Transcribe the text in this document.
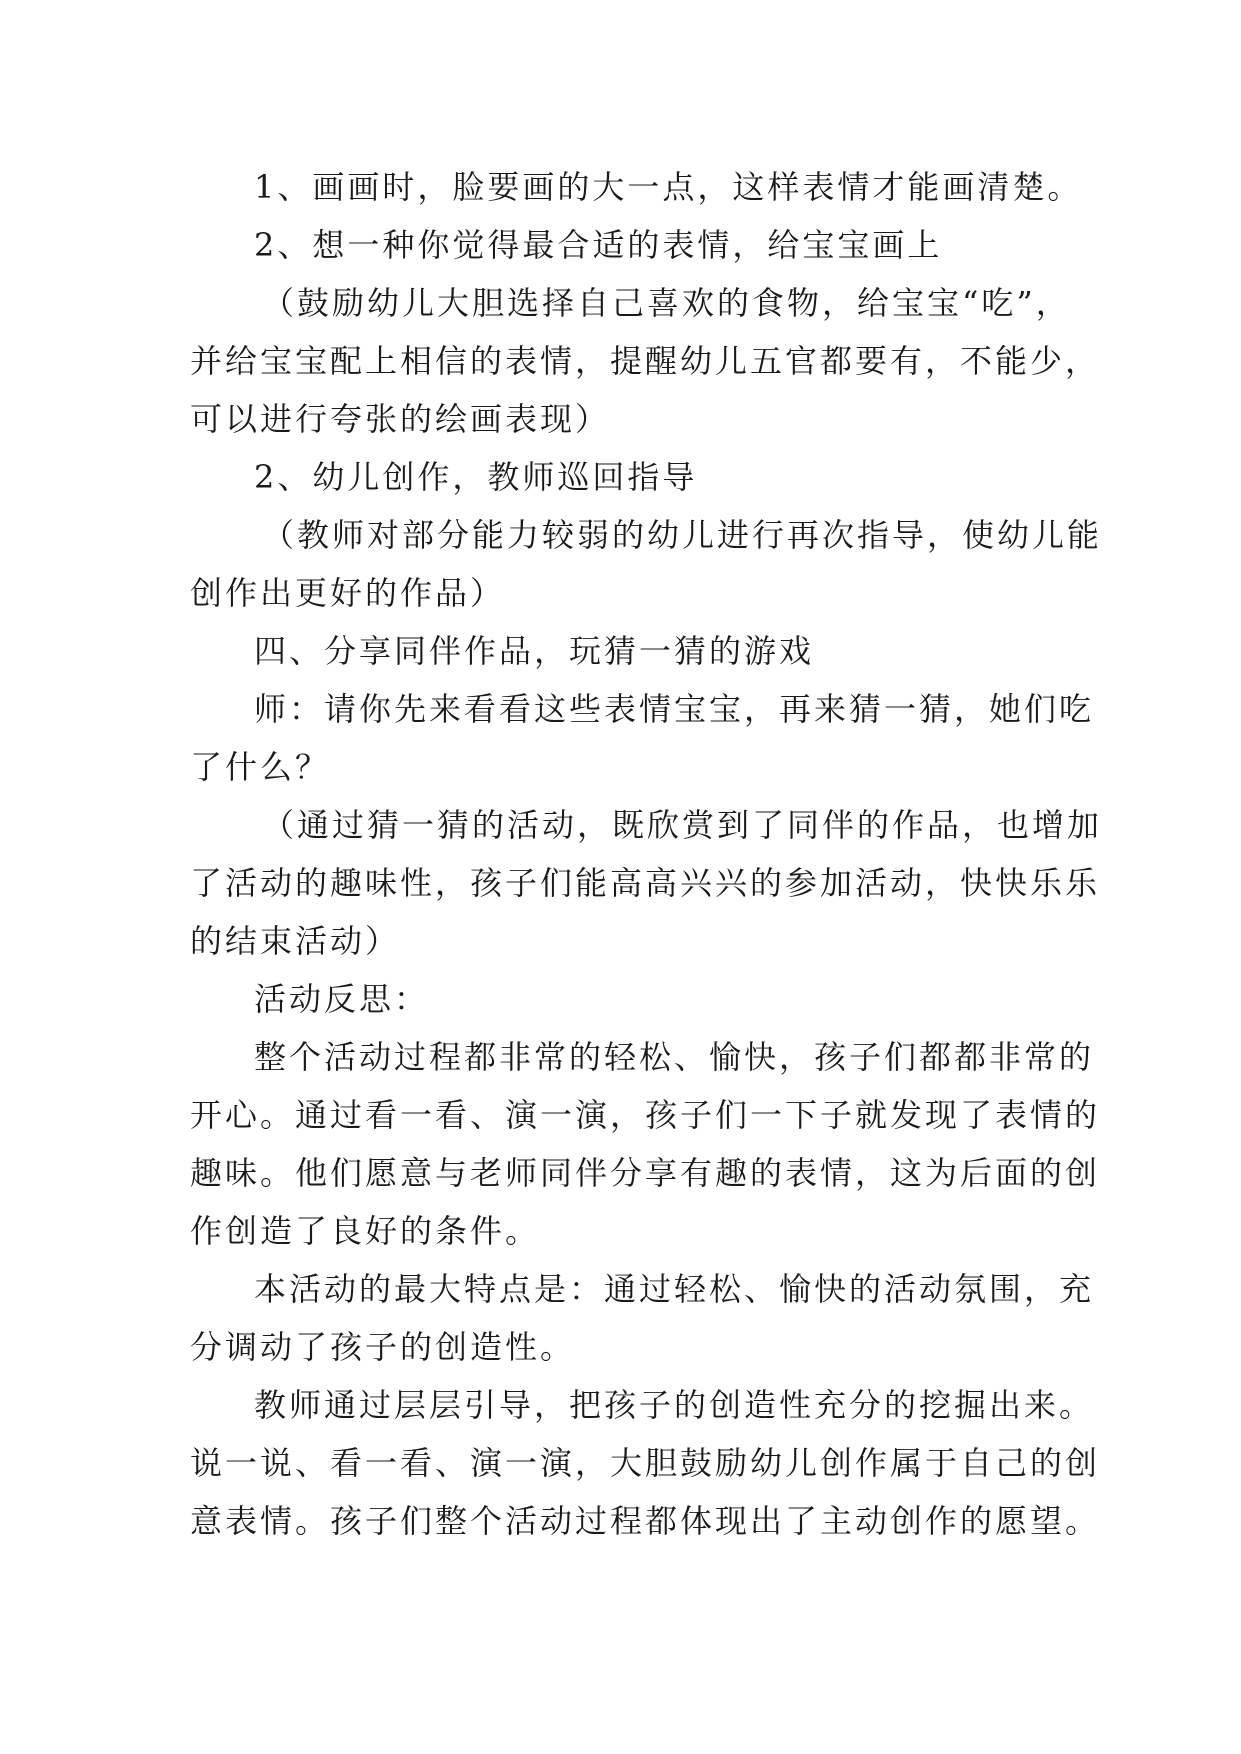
1、画画时，脸要画的大一点，这样表情才能画清楚。
2、想一种你觉得最合适的表情，给宝宝画上
（鼓励幼儿大胆选择自己喜欢的食物，给宝宝“吃”，
并给宝宝配上相信的表情，提醒幼儿五官都要有，不能少，
可以进行夸张的绘画表现）
2、幼儿创作，教师巡回指导
（教师对部分能力较弱的幼儿进行再次指导，使幼儿能
创作出更好的作品）
四、分享同伴作品，玩猜一猜的游戏
师：请你先来看看这些表情宝宝，再来猜一猜，她们吃
了什么？
（通过猜一猜的活动，既欣赏到了同伴的作品，也增加
了活动的趣味性，孩子们能高高兴兴的参加活动，快快乐乐
的结束活动）
活动反思：
整个活动过程都非常的轻松、愉快，孩子们都都非常的
开心。通过看一看、演一演，孩子们一下子就发现了表情的
趣味。他们愿意与老师同伴分享有趣的表情，这为后面的创
作创造了良好的条件。
本活动的最大特点是：通过轻松、愉快的活动氛围，充
分调动了孩子的创造性。
教师通过层层引导，把孩子的创造性充分的挖掘出来。
说一说、看一看、演一演，大胆鼓励幼儿创作属于自己的创
意表情。孩子们整个活动过程都体现出了主动创作的愿望。
